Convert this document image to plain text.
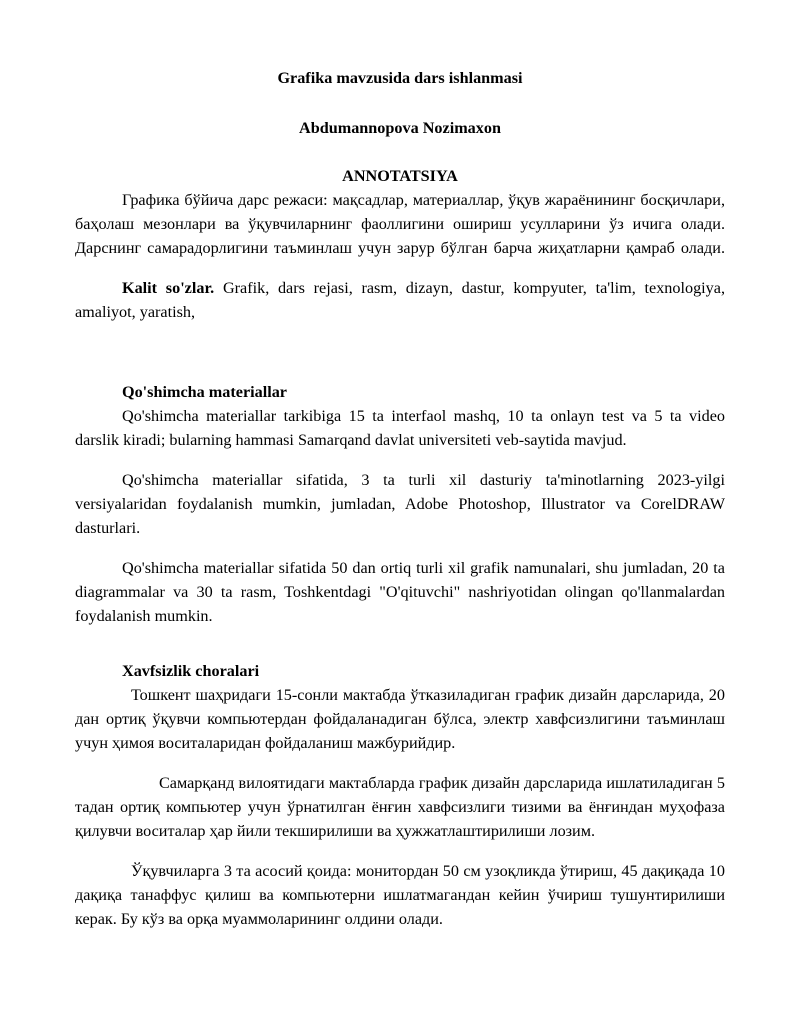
Grafika mavzusida dars ishlanmasi
Abdumannopova Nozimaxon
ANNOTATSIYA

Графика бўйича дарс режаси: мақсадлар, материаллар, ўқув жараёнининг босқичлари, баҳолаш мезонлари ва ўқувчиларнинг фаоллигини ошириш усулларини ўз ичига олади. Дарснинг самарадорлигини таъминлаш учун зарур бўлган барча жиҳатларни қамраб олади.

Kalit so'zlar. Grafik, dars rejasi, rasm, dizayn, dastur, kompyuter, ta'lim, texnologiya, amaliyot, yaratish,

Qo'shimcha materiallar

Qo'shimcha materiallar tarkibiga 15 ta interfaol mashq, 10 ta onlayn test va 5 ta video darslik kiradi; bularning hammasi Samarqand davlat universiteti veb-saytida mavjud.

Qo'shimcha materiallar sifatida, 3 ta turli xil dasturiy ta'minotlarning 2023-yilgi versiyalaridan foydalanish mumkin, jumladan, Adobe Photoshop, Illustrator va CorelDRAW dasturlari.

Qo'shimcha materiallar sifatida 50 dan ortiq turli xil grafik namunalari, shu jumladan, 20 ta diagrammalar va 30 ta rasm, Toshkentdagi "O'qituvchi" nashriyotidan olingan qo'llanmalardan foydalanish mumkin.

Xavfsizlik choralari

Тошкент шаҳридаги 15-сонли мактабда ўтказиладиган график дизайн дарсларида, 20 дан ортиқ ўқувчи компьютердан фойдаланадиган бўлса, электр хавфсизлигини таъминлаш учун ҳимоя воситаларидан фойдаланиш мажбурийдир.

Самарқанд вилоятидаги мактабларда график дизайн дарсларида ишлатиладиган 5 тадан ортиқ компьютер учун ўрнатилган ёнғин хавфсизлиги тизими ва ёнғиндан муҳофаза қилувчи воситалар ҳар йили текширилиши ва ҳужжатлаштирилиши лозим.

Ўқувчиларга 3 та асосий қоида: монитордан 50 см узоқликда ўтириш, 45 дақиқада 10 дақиқа танаффус қилиш ва компьютерни ишлатмагандан кейин ўчириш тушунтирилиши керак. Бу кўз ва орқа муаммоларининг олдини олади.
